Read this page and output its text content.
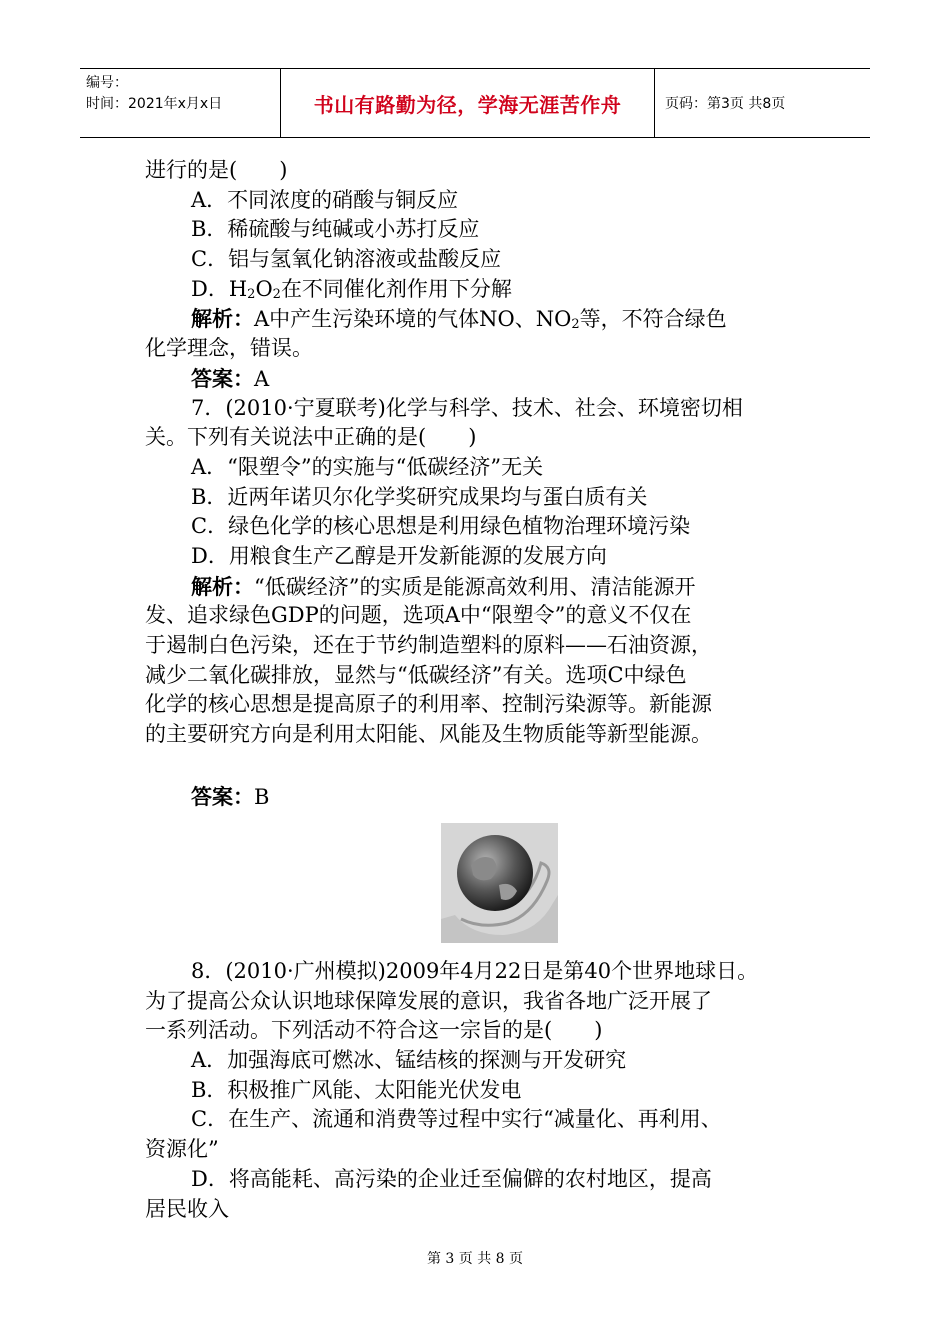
编号：
时间：2021年x月x日	书山有路勤为径，学海无涯苦作舟	页码：第3页 共8页
进行的是(　　)
A．不同浓度的硝酸与铜反应
B．稀硫酸与纯碱或小苏打反应
C．铝与氢氧化钠溶液或盐酸反应
D．$H_2O_2$在不同催化剂作用下分解
解析：A中产生污染环境的气体NO、$NO_2$等，不符合绿色
化学理念，错误。
答案：A
7．(2010·宁夏联考)化学与科学、技术、社会、环境密切相
关。下列有关说法中正确的是(　　)
A．“限塑令”的实施与“低碳经济”无关
B．近两年诺贝尔化学奖研究成果均与蛋白质有关
C．绿色化学的核心思想是利用绿色植物治理环境污染
D．用粮食生产乙醇是开发新能源的发展方向
解析：“低碳经济”的实质是能源高效利用、清洁能源开
发、追求绿色GDP的问题，选项A中“限塑令”的意义不仅在
于遏制白色污染，还在于节约制造塑料的原料——石油资源，
减少二氧化碳排放，显然与“低碳经济”有关。选项C中绿色
化学的核心思想是提高原子的利用率、控制污染源等。新能源
的主要研究方向是利用太阳能、风能及生物质能等新型能源。
答案：B
8．(2010·广州模拟)2009年4月22日是第40个世界地球日。
为了提高公众认识地球保障发展的意识，我省各地广泛开展了
一系列活动。下列活动不符合这一宗旨的是(　　)
A．加强海底可燃冰、锰结核的探测与开发研究
B．积极推广风能、太阳能光伏发电
C．在生产、流通和消费等过程中实行“减量化、再利用、
资源化”
D．将高能耗、高污染的企业迁至偏僻的农村地区，提高
居民收入
第 3 页 共 8 页
